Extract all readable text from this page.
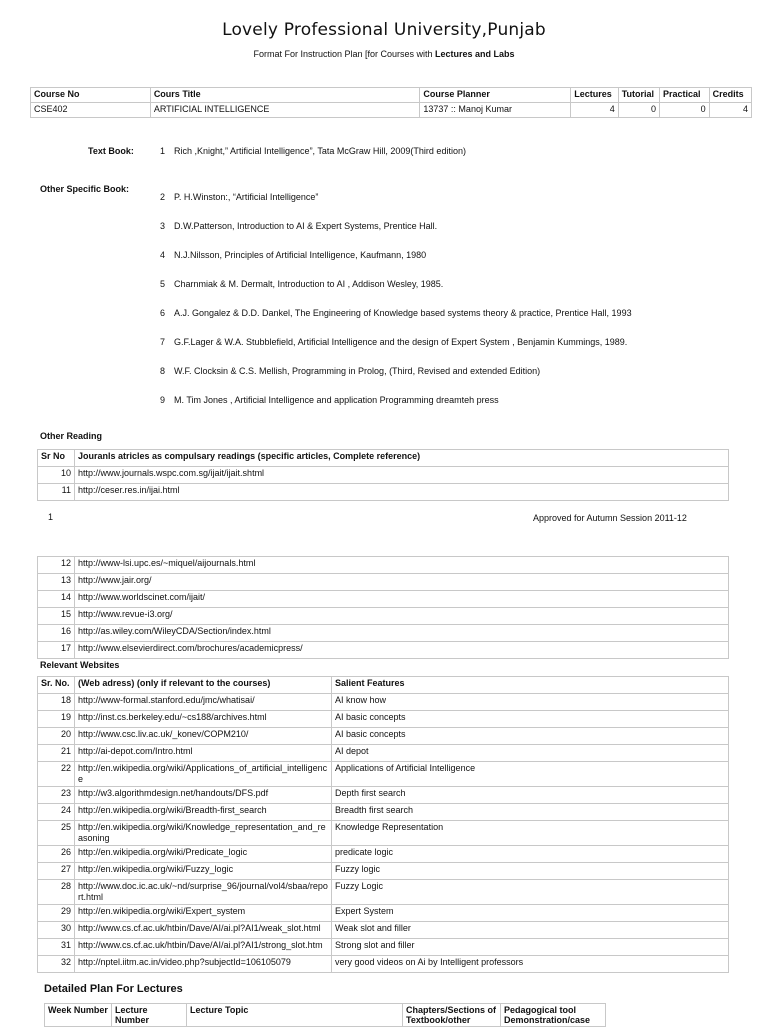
Lovely Professional University,Punjab
Format For Instruction Plan [for Courses with Lectures and Labs
Course No	Cours Title	Course Planner	Lectures	Tutorial	Practical	Credits
CSE402	ARTIFICIAL INTELLIGENCE	13737 :: Manoj Kumar	4	0	0	4
Text Book:	1 Rich ,Knight,” Artificial Intelligence”, Tata McGraw Hill, 2009(Third edition)
Other Specific Book:
2 P. H.Winston:, “Artificial Intelligence”
3 D.W.Patterson, Introduction to AI & Expert Systems, Prentice Hall.
4 N.J.Nilsson, Principles of Artificial Intelligence, Kaufmann, 1980
5 Charnmiak & M. Dermalt, Introduction to AI , Addison Wesley, 1985.
6 A.J. Gongalez & D.D. Dankel, The Engineering of Knowledge based systems theory & practice, Prentice Hall, 1993
7 G.F.Lager & W.A. Stubblefield, Artificial Intelligence and the design of Expert System , Benjamin Kummings, 1989.
8 W.F. Clocksin & C.S. Mellish, Programming in Prolog, (Third, Revised and extended Edition)
9 M. Tim Jones , Artificial Intelligence and application Programming dreamteh press
Other Reading
Sr No	Jouranls atricles as compulsary readings (specific articles, Complete reference)
10	http://www.journals.wspc.com.sg/ijait/ijait.shtml
11	http://ceser.res.in/ijai.html
1	Approved for Autumn Session 2011-12
12	http://www-lsi.upc.es/~miquel/aijournals.html
13	http://www.jair.org/
14	http://www.worldscinet.com/ijait/
15	http://www.revue-i3.org/
16	http://as.wiley.com/WileyCDA/Section/index.html
17	http://www.elsevierdirect.com/brochures/academicpress/
Relevant Websites
Sr. No.	(Web adress) (only if relevant to the courses)	Salient Features
18	http://www-formal.stanford.edu/jmc/whatisai/	AI know how
19	http://inst.cs.berkeley.edu/~cs188/archives.html	AI basic concepts
20	http://www.csc.liv.ac.uk/_konev/COPM210/	AI basic concepts
21	http://ai-depot.com/Intro.html	AI depot
22	http://en.wikipedia.org/wiki/Applications_of_artificial_intelligence	Applications of Artificial Intelligence
23	http://w3.algorithmdesign.net/handouts/DFS.pdf	Depth first search
24	http://en.wikipedia.org/wiki/Breadth-first_search	Breadth first search
25	http://en.wikipedia.org/wiki/Knowledge_representation_and_reasoning	Knowledge Representation
26	http://en.wikipedia.org/wiki/Predicate_logic	predicate logic
27	http://en.wikipedia.org/wiki/Fuzzy_logic	Fuzzy logic
28	http://www.doc.ic.ac.uk/~nd/surprise_96/journal/vol4/sbaa/report.html	Fuzzy Logic
29	http://en.wikipedia.org/wiki/Expert_system	Expert System
30	http://www.cs.cf.ac.uk/htbin/Dave/AI/ai.pl?AI1/weak_slot.html	Weak slot and filler
31	http://www.cs.cf.ac.uk/htbin/Dave/AI/ai.pl?AI1/strong_slot.htm	Strong slot and filler
32	http://nptel.iitm.ac.in/video.php?subjectId=106105079	very good videos on Ai by Intelligent professors
Detailed Plan For Lectures
Week Number	Lecture Number	Lecture Topic	Chapters/Sections of Textbook/other	Pedagogical tool Demonstration/case
